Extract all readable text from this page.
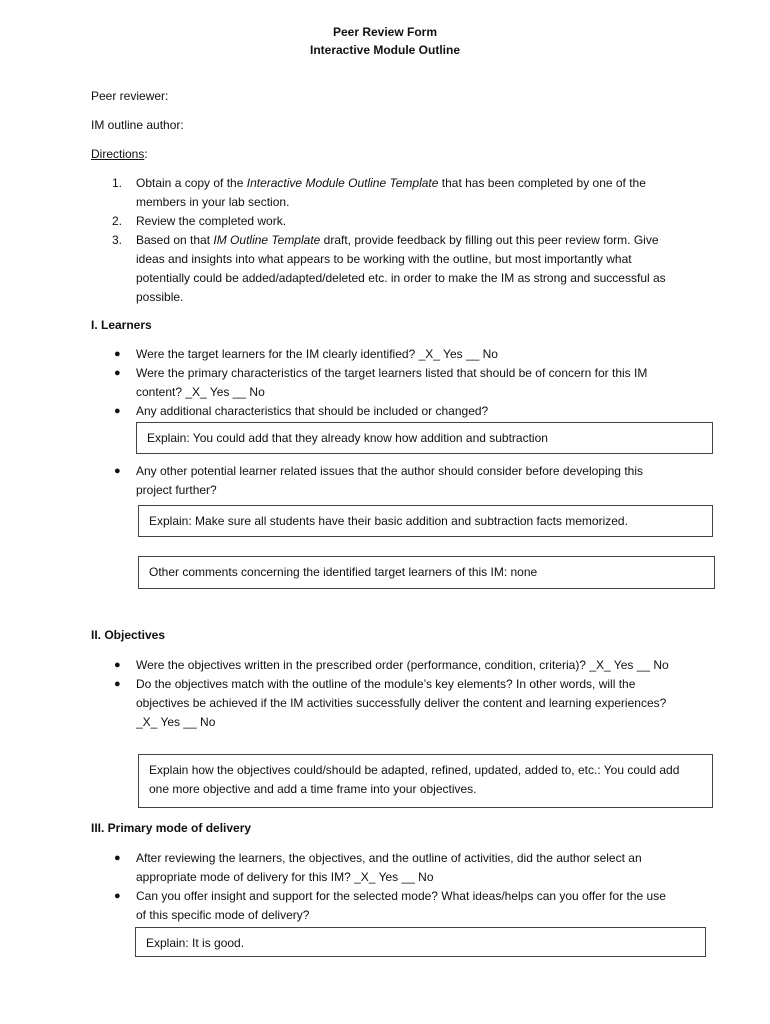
Peer Review Form
Interactive Module Outline
Peer reviewer:
IM outline author:
Directions:
1. Obtain a copy of the Interactive Module Outline Template that has been completed by one of the members in your lab section.
2. Review the completed work.
3. Based on that IM Outline Template draft, provide feedback by filling out this peer review form. Give ideas and insights into what appears to be working with the outline, but most importantly what potentially could be added/adapted/deleted etc. in order to make the IM as strong and successful as possible.
I. Learners
● Were the target learners for the IM clearly identified? _X_ Yes __ No
● Were the primary characteristics of the target learners listed that should be of concern for this IM content? _X_ Yes __ No
● Any additional characteristics that should be included or changed?
Explain: You could add that they already know how addition and subtraction
● Any other potential learner related issues that the author should consider before developing this project further?
Explain: Make sure all students have their basic addition and subtraction facts memorized.
Other comments concerning the identified target learners of this IM: none
II. Objectives
● Were the objectives written in the prescribed order (performance, condition, criteria)? _X_ Yes __ No
● Do the objectives match with the outline of the module’s key elements? In other words, will the objectives be achieved if the IM activities successfully deliver the content and learning experiences? _X_ Yes __ No
Explain how the objectives could/should be adapted, refined, updated, added to, etc.: You could add one more objective and add a time frame into your objectives.
III. Primary mode of delivery
● After reviewing the learners, the objectives, and the outline of activities, did the author select an appropriate mode of delivery for this IM? _X_ Yes __ No
● Can you offer insight and support for the selected mode? What ideas/helps can you offer for the use of this specific mode of delivery?
Explain: It is good.
